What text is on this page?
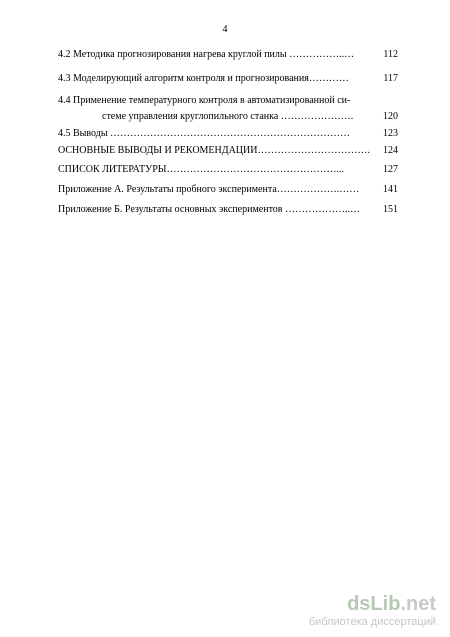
4
4.2 Методика прогнозирования нагрева круглой пилы ……………..…	112
4.3 Моделирующий алгоритм контроля и прогнозирования…………	117
4.4 Применение температурного контроля в автоматизированной си-
стеме управления круглопильного станка ………………….	120
4.5 Выводы ………………………………………………………………	123
ОСНОВНЫЕ ВЫВОДЫ И РЕКОМЕНДАЦИИ……………………………. 124
СПИСОК ЛИТЕРАТУРЫ……………………………………………...	127
Приложение А. Результаты пробного эксперимента……………….…… 141
Приложение Б. Результаты основных экспериментов ………………..… 151
dsLib.net
библиотека диссертаций
